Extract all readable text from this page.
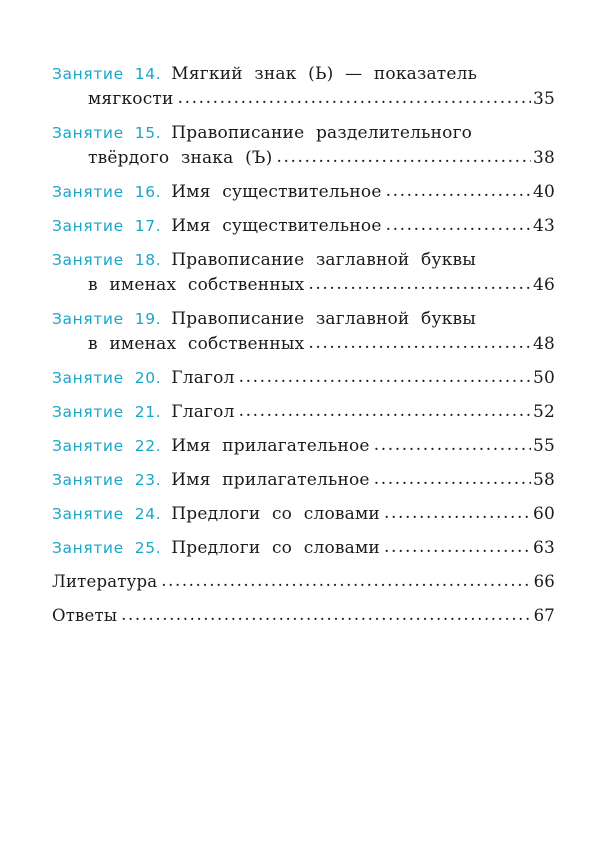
Занятие  14. Мягкий знак (Ь) — показатель
мягкости .....	35
Занятие  15. Правописание разделительного
твёрдого знака (Ъ) .....	38
Занятие  16. Имя существительное .....	40
Занятие  17. Имя существительное .....	43
Занятие  18. Правописание заглавной буквы
в именах собственных .....	46
Занятие  19. Правописание заглавной буквы
в именах собственных .....	48
Занятие  20. Глагол .....	50
Занятие  21. Глагол .....	52
Занятие  22. Имя прилагательное .....	55
Занятие  23. Имя прилагательное .....	58
Занятие  24. Предлоги со словами .....	60
Занятие  25. Предлоги со словами .....	63
Литература .....	66
Ответы .....	67
